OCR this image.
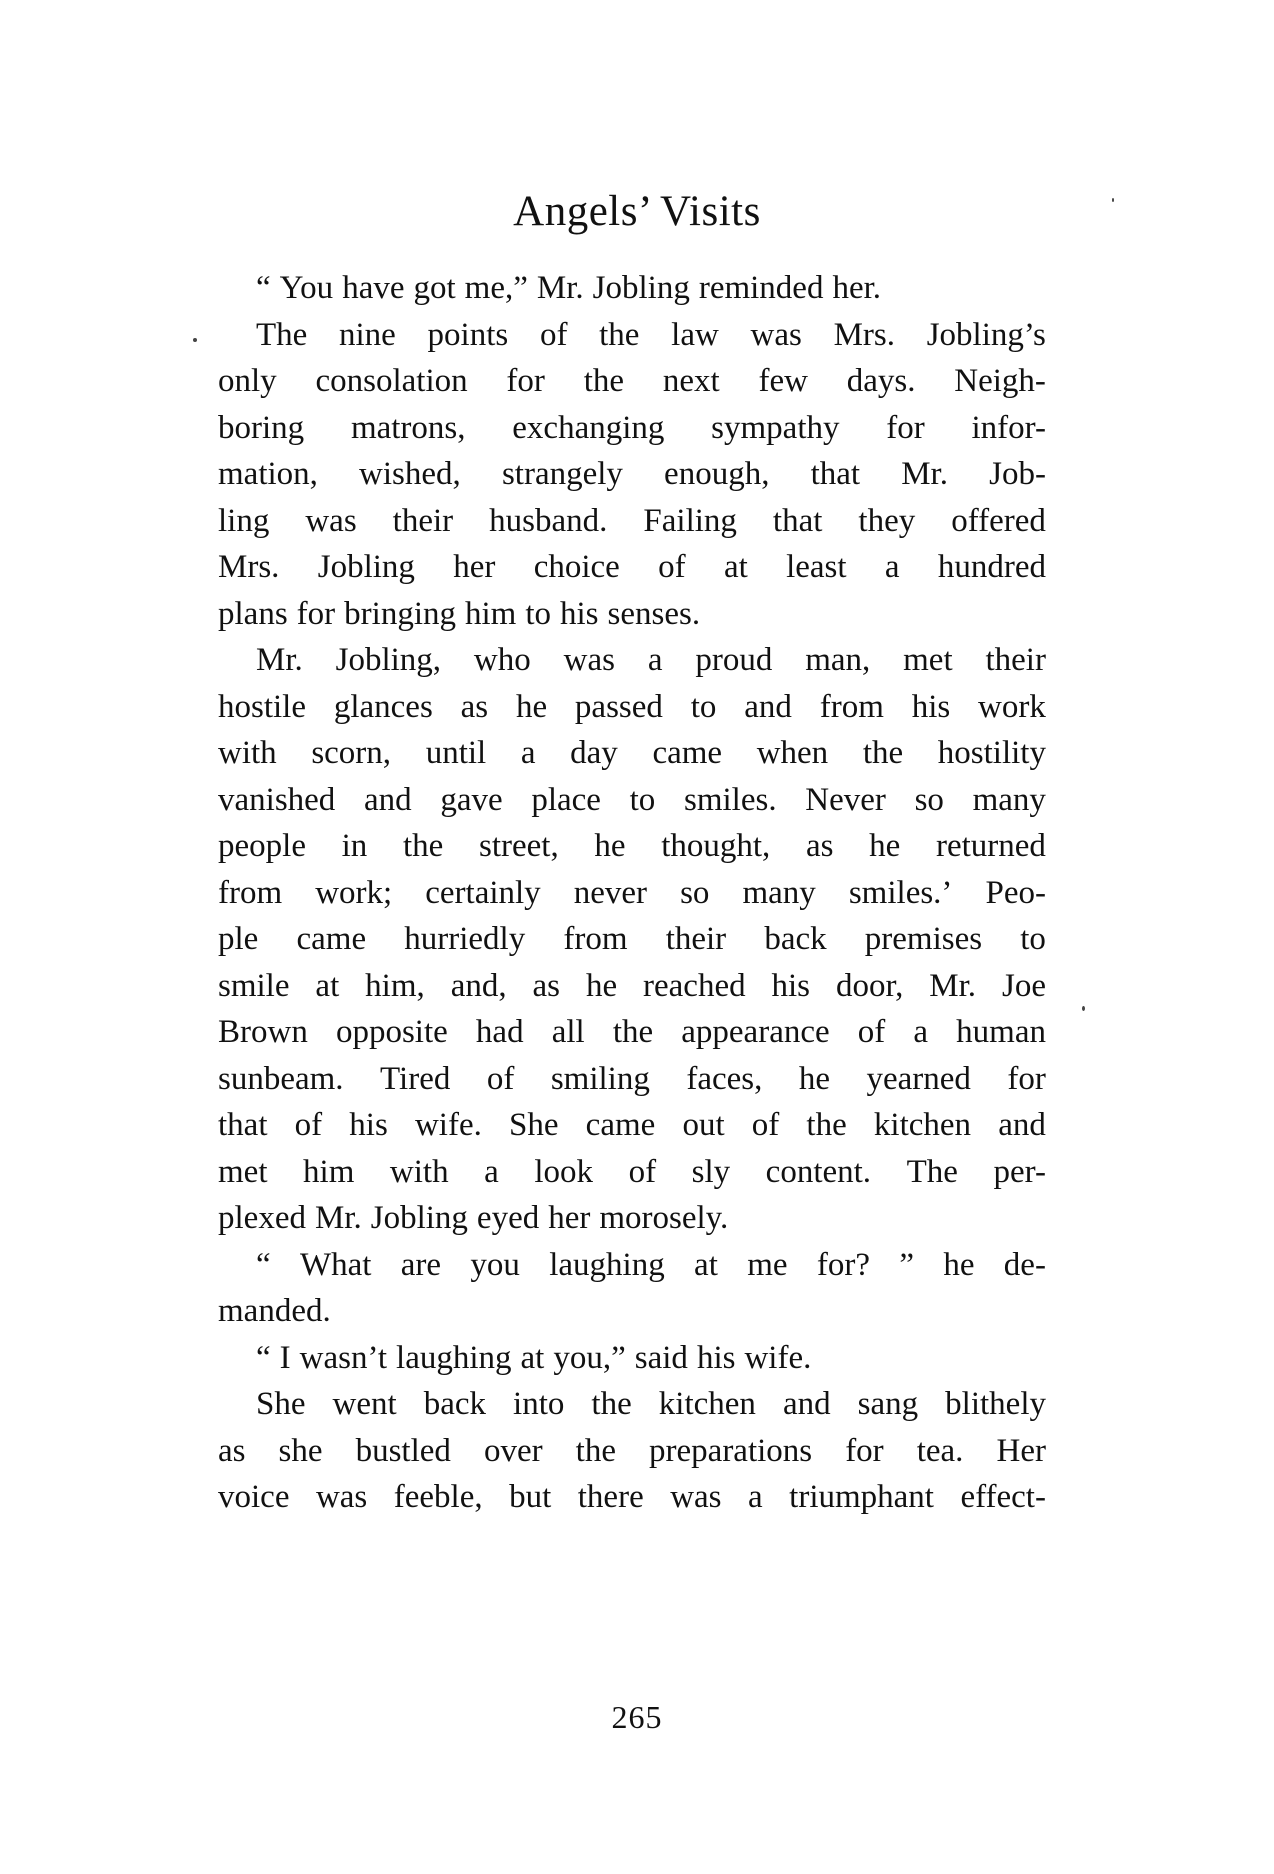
Angels’ Visits
“ You have got me,” Mr. Jobling reminded her.
The nine points of the law was Mrs. Jobling’s
only consolation for the next few days. Neigh-
boring matrons, exchanging sympathy for infor-
mation, wished, strangely enough, that Mr. Job-
ling was their husband. Failing that they offered
Mrs. Jobling her choice of at least a hundred
plans for bringing him to his senses.
Mr. Jobling, who was a proud man, met their
hostile glances as he passed to and from his work
with scorn, until a day came when the hostility
vanished and gave place to smiles. Never so many
people in the street, he thought, as he returned
from work; certainly never so many smiles.’ Peo-
ple came hurriedly from their back premises to
smile at him, and, as he reached his door, Mr. Joe
Brown opposite had all the appearance of a human
sunbeam. Tired of smiling faces, he yearned for
that of his wife. She came out of the kitchen and
met him with a look of sly content. The per-
plexed Mr. Jobling eyed her morosely.
“ What are you laughing at me for? ” he de-
manded.
“ I wasn’t laughing at you,” said his wife.
She went back into the kitchen and sang blithely
as she bustled over the preparations for tea. Her
voice was feeble, but there was a triumphant effect-
265
